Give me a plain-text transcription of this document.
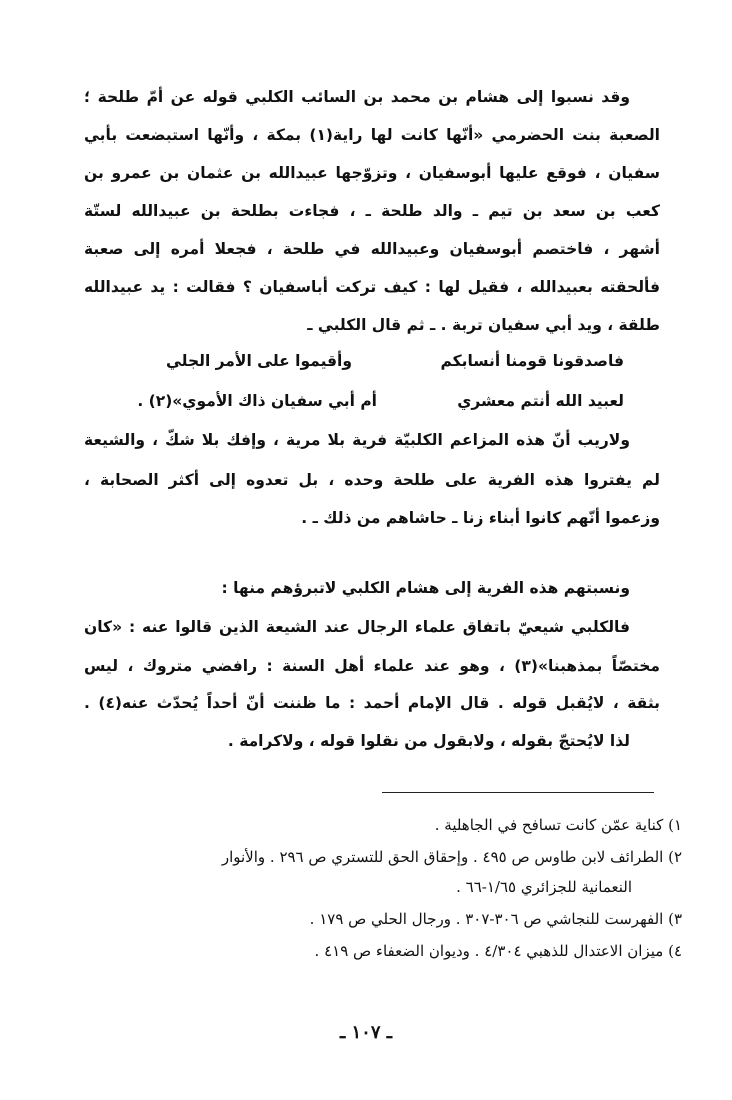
وقد نسبوا إلى هشام بن محمد بن السائب الكلبي قوله عن أمّ طلحة ؛
الصعبة بنت الحضرمي «أنّها كانت لها راية(١) بمكة ، وأنّها استبضعت بأبي
سفيان ، فوقع عليها أبوسفيان ، وتزوّجها عبيدالله بن عثمان بن عمرو بن
كعب بن سعد بن تيم ـ والد طلحة ـ ، فجاءت بطلحة بن عبيدالله لستّة
أشهر ، فاختصم أبوسفيان وعبيدالله في طلحة ، فجعلا أمره إلى صعبة
فألحقته بعبيدالله ، فقيل لها : كيف تركت أباسفيان ؟ فقالت : يد عبيدالله
طلقة ، ويد أبي سفيان تربة . ـ ثم قال الكلبي ـ
فاصدقونا قومنا أنسابكم
وأقيموا على الأمر الجلي
لعبيد الله أنتم معشري
أم أبي سفيان ذاك الأموي»(٢) .
ولاريب أنّ هذه المزاعم الكلبيّة فرية بلا مرية ، وإفك بلا شكّ ، والشيعة
لم يفتروا هذه الفرية على طلحة وحده ، بل تعدوه إلى أكثر الصحابة ،
وزعموا أنّهم كانوا أبناء زنا ـ حاشاهم من ذلك ـ .
ونسبتهم هذه الفرية إلى هشام الكلبي لاتبرؤهم منها :
فالكلبي شيعيّ باتفاق علماء الرجال عند الشيعة الذين قالوا عنه : «كان
مختصّاً بمذهبنا»(٣) ، وهو عند علماء أهل السنة : رافضي متروك ، ليس
بثقة ، لايُقبل قوله . قال الإمام أحمد : ما ظننت أنّ أحداً يُحدّث عنه(٤) .
لذا لايُحتجّ بقوله ، ولابقول من نقلوا قوله ، ولاكرامة .
١) كناية عمّن كانت تسافح في الجاهلية .
٢) الطرائف لابن طاوس ص ٤٩٥ . وإحقاق الحق للتستري ص ٢٩٦ . والأنوار
النعمانية للجزائري ١/٦٥-٦٦ .
٣) الفهرست للنجاشي ص ٣٠٦-٣٠٧ . ورجال الحلي ص ١٧٩ .
٤) ميزان الاعتدال للذهبي ٤/٣٠٤ . وديوان الضعفاء ص ٤١٩ .
ـ ١٠٧ ـ
